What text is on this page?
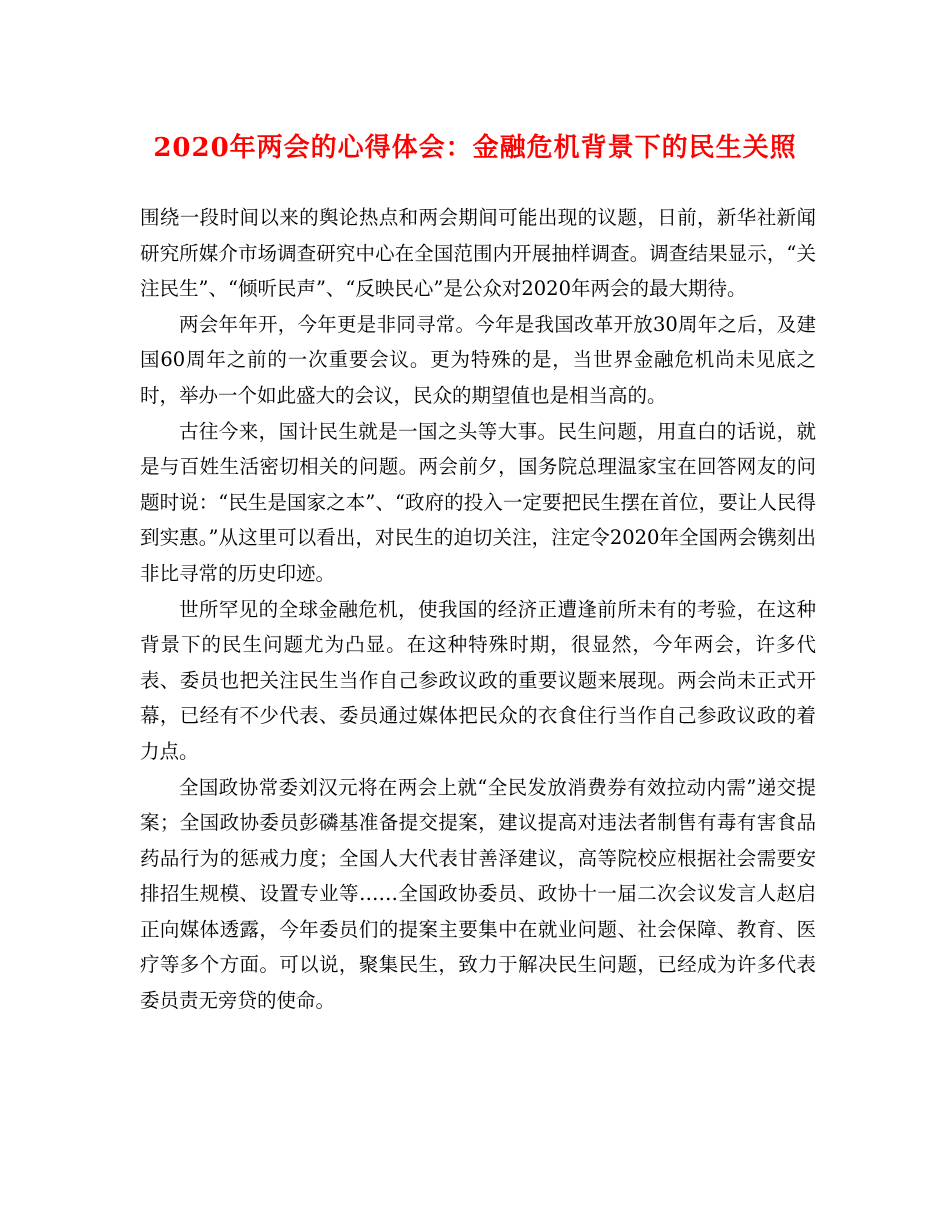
2020年两会的心得体会：金融危机背景下的民生关照

围绕一段时间以来的舆论热点和两会期间可能出现的议题，日前，新华社新闻研究所媒介市场调查研究中心在全国范围内开展抽样调查。调查结果显示，“关注民生”、“倾听民声”、“反映民心”是公众对2020年两会的最大期待。

两会年年开，今年更是非同寻常。今年是我国改革开放30周年之后，及建国60周年之前的一次重要会议。更为特殊的是，当世界金融危机尚未见底之时，举办一个如此盛大的会议，民众的期望值也是相当高的。

古往今来，国计民生就是一国之头等大事。民生问题，用直白的话说，就是与百姓生活密切相关的问题。两会前夕，国务院总理温家宝在回答网友的问题时说：“民生是国家之本”、“政府的投入一定要把民生摆在首位，要让人民得到实惠。”从这里可以看出，对民生的迫切关注，注定令2020年全国两会镌刻出非比寻常的历史印迹。

世所罕见的全球金融危机，使我国的经济正遭逢前所未有的考验，在这种背景下的民生问题尤为凸显。在这种特殊时期，很显然，今年两会，许多代表、委员也把关注民生当作自己参政议政的重要议题来展现。两会尚未正式开幕，已经有不少代表、委员通过媒体把民众的衣食住行当作自己参政议政的着力点。

全国政协常委刘汉元将在两会上就“全民发放消费券有效拉动内需”递交提案；全国政协委员彭磷基准备提交提案，建议提高对违法者制售有毒有害食品药品行为的惩戒力度；全国人大代表甘善泽建议，高等院校应根据社会需要安排招生规模、设置专业等……全国政协委员、政协十一届二次会议发言人赵启正向媒体透露，今年委员们的提案主要集中在就业问题、社会保障、教育、医疗等多个方面。可以说，聚集民生，致力于解决民生问题，已经成为许多代表委员责无旁贷的使命。
